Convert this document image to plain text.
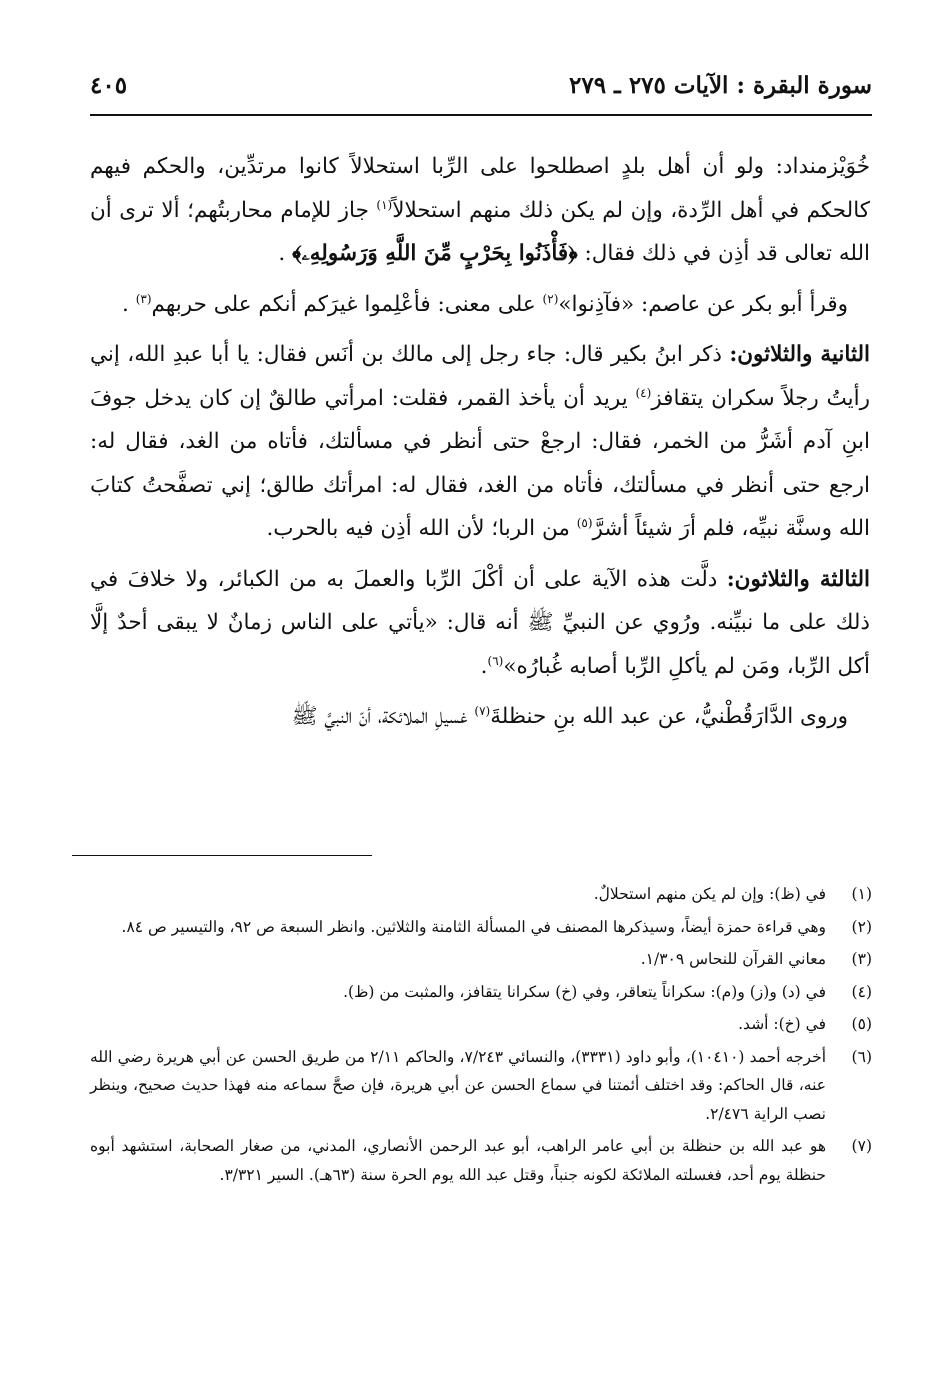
سورة البقرة : الآيات ٢٧٥ ـ ٢٧٩
٤٠٥

خُوَيْزمنداد: ولو أن أهل بلدٍ اصطلحوا على الرِّبا استحلالاً كانوا مرتدِّين، والحكم فيهم كالحكم في أهل الرِّدة، وإن لم يكن ذلك منهم استحلالاً$^{(١)}$ جاز للإمام محاربتُهم؛ ألا ترى أن الله تعالى قد أذِن في ذلك فقال: ﴿فَأْذَنُوا بِحَرْبٍ مِّنَ اللَّهِ وَرَسُولِهِۦ﴾ .

وقرأ أبو بكر عن عاصم: «فآذِنوا»$^{(٢)}$ على معنى: فأعْلِموا غيرَكم أنكم على حربهم$^{(٣)}$ .

الثانية والثلاثون: ذكر ابنُ بكير قال: جاء رجل إلى مالك بن أنَس فقال: يا أبا عبدِ الله، إني رأيتُ رجلاً سكران يتقافز$^{(٤)}$ يريد أن يأخذ القمر، فقلت: امرأتي طالقٌ إن كان يدخل جوفَ ابنِ آدم أشَرُّ من الخمر، فقال: ارجعْ حتى أنظر في مسألتك، فأتاه من الغد، فقال له: ارجع حتى أنظر في مسألتك، فأتاه من الغد، فقال له: امرأتك طالق؛ إني تصفَّحتُ كتابَ الله وسنَّة نبيِّه، فلم أرَ شيئاً أشرَّ$^{(٥)}$ من الربا؛ لأن الله أذِن فيه بالحرب.

الثالثة والثلاثون: دلَّت هذه الآية على أن أكْلَ الرِّبا والعملَ به من الكبائر، ولا خلافَ في ذلك على ما نبيِّنه. ورُوي عن النبيِّ ﷺ أنه قال: «يأتي على الناس زمانٌ لا يبقى أحدٌ إلَّا أكل الرِّبا، ومَن لم يأكلِ الرِّبا أصابه غُبارُه»$^{(٦)}$.

وروى الدَّارَقُطْنيُّ، عن عبد الله بنِ حنظلةَ$^{(٧)}$ غسيلِ الملائكة، أنّ النبيَّ ﷺ

(١)
في (ظ): وإن لم يكن منهم استحلالٌ.
(٢)
وهي قراءة حمزة أيضاً، وسيذكرها المصنف في المسألة الثامنة والثلاثين. وانظر السبعة ص ٩٢، والتيسير ص ٨٤.
(٣)
معاني القرآن للنحاس ١/٣٠٩.
(٤)
في (د) و(ز) و(م): سكراناً يتعاقر، وفي (خ) سكرانا يتقافز، والمثبت من (ظ).
(٥)
في (خ): أشد.
(٦)
أخرجه أحمد (١٠٤١٠)، وأبو داود (٣٣٣١)، والنسائي ٧/٢٤٣، والحاكم ٢/١١ من طريق الحسن عن أبي هريرة رضي الله عنه، قال الحاكم: وقد اختلف أئمتنا في سماع الحسن عن أبي هريرة، فإن صحَّ سماعه منه فهذا حديث صحيح، وينظر نصب الراية ٢/٤٧٦.
(٧)
هو عبد الله بن حنظلة بن أبي عامر الراهب، أبو عبد الرحمن الأنصاري، المدني، من صغار الصحابة، استشهد أبوه حنظلة يوم أحد، فغسلته الملائكة لكونه جنباً، وقتل عبد الله يوم الحرة سنة (٦٣هـ). السير ٣/٣٢١.
